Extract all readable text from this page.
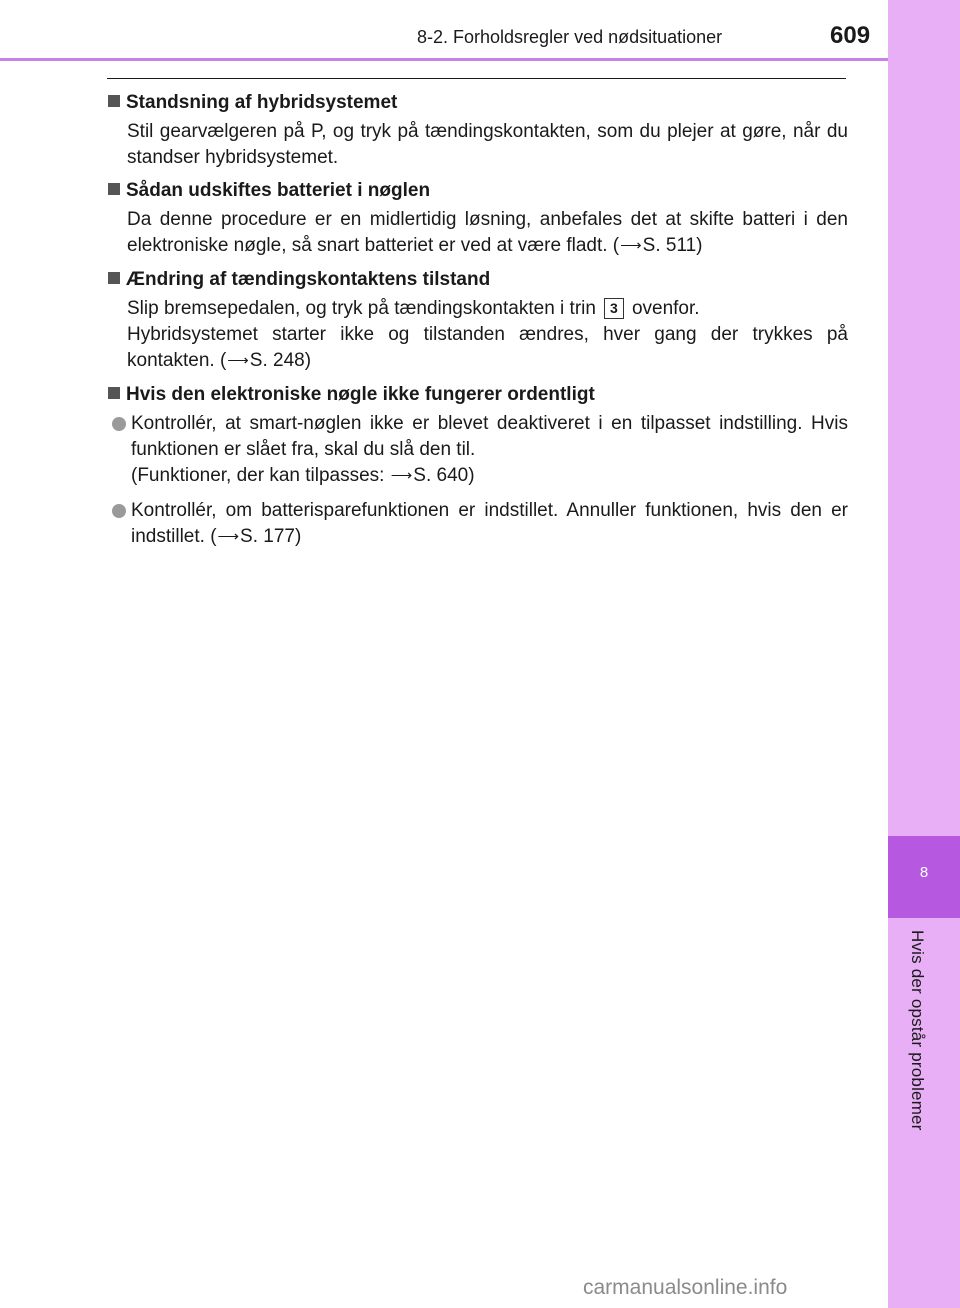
8
Hvis der opstår problemer
8-2. Forholdsregler ved nødsituationer	609
Standsning af hybridsystemet

Stil gearvælgeren på P, og tryk på tændingskontakten, som du plejer at gøre, når du standser hybridsystemet.

Sådan udskiftes batteriet i nøglen

Da denne procedure er en midlertidig løsning, anbefales det at skifte batteri i den elektroniske nøgle, så snart batteriet er ved at være fladt. (⟶S. 511)

Ændring af tændingskontaktens tilstand

Slip bremsepedalen, og tryk på tændingskontakten i trin 3 ovenfor.
Hybridsystemet starter ikke og tilstanden ændres, hver gang der trykkes på kontakten. (⟶S. 248)

Hvis den elektroniske nøgle ikke fungerer ordentligt
Kontrollér, at smart-nøglen ikke er blevet deaktiveret i en tilpasset indstilling. Hvis funktionen er slået fra, skal du slå den til.
(Funktioner, der kan tilpasses: ⟶S. 640)
Kontrollér, om batterisparefunktionen er indstillet. Annuller funktionen, hvis den er indstillet. (⟶S. 177)
carmanualsonline.info
